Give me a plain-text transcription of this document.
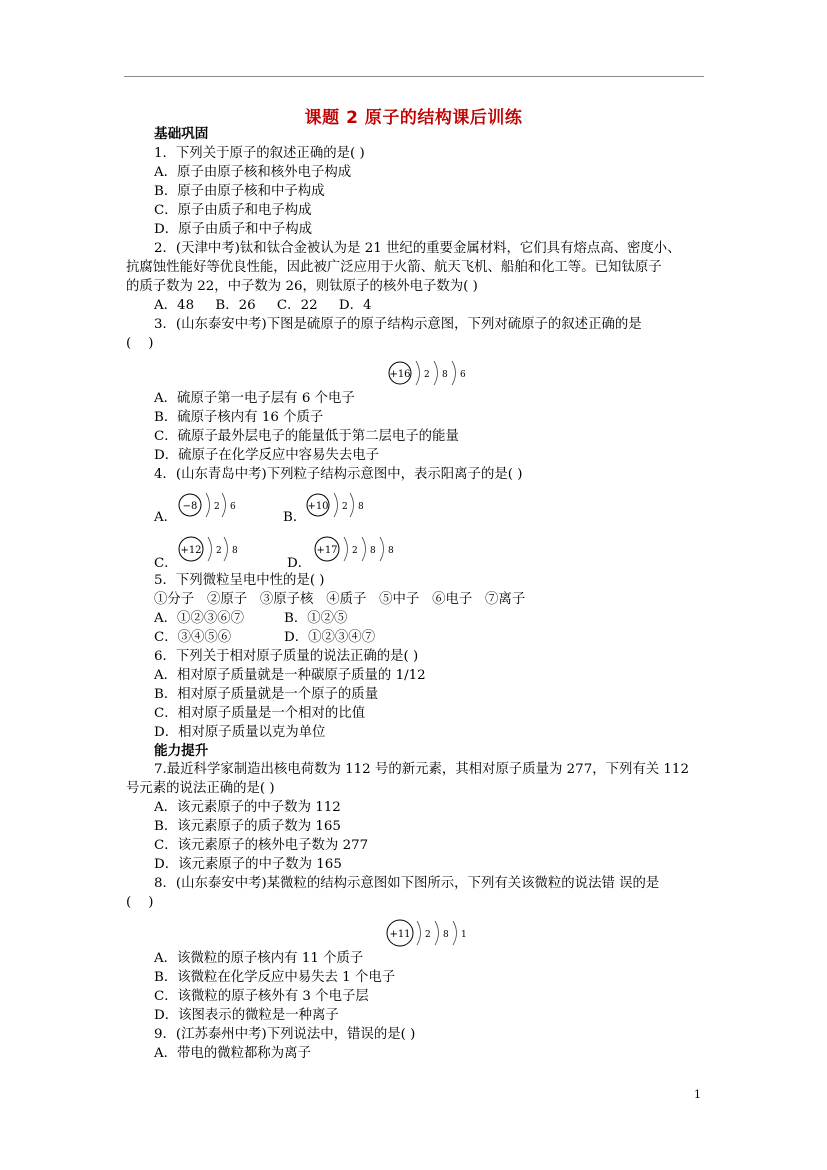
课题 2 原子的结构课后训练
基础巩固
1．下列关于原子的叙述正确的是( )
A．原子由原子核和核外电子构成
B．原子由原子核和中子构成
C．原子由质子和电子构成
D．原子由质子和中子构成
2．(天津中考)钛和钛合金被认为是 21 世纪的重要金属材料，它们具有熔点高、密度小、
抗腐蚀性能好等优良性能，因此被广泛应用于火箭、航天飞机、船舶和化工等。已知钛原子
的质子数为 22，中子数为 26，则钛原子的核外电子数为( )
A．48     B．26     C．22     D．4
3．(山东泰安中考)下图是硫原子的原子结构示意图，下列对硫原子的叙述正确的是
(    )
+16 2 8 6
A．硫原子第一电子层有 6 个电子
B．硫原子核内有 16 个质子
C．硫原子最外层电子的能量低于第二层电子的能量
D．硫原子在化学反应中容易失去电子
4．(山东青岛中考)下列粒子结构示意图中，表示阳离子的是( )
A．
−8 2 6
B．
+10 2 8
C．
+12 2 8
D．
+17 2 8 8
5．下列微粒呈电中性的是( )
①分子   ②原子   ③原子核   ④质子   ⑤中子   ⑥电子   ⑦离子
A．①②③⑥⑦	B．①②⑤
C．③④⑤⑥	D．①②③④⑦
6．下列关于相对原子质量的说法正确的是( )
A．相对原子质量就是一种碳原子质量的 1/12
B．相对原子质量就是一个原子的质量
C．相对原子质量是一个相对的比值
D．相对原子质量以克为单位
能力提升
7.最近科学家制造出核电荷数为 112 号的新元素，其相对原子质量为 277，下列有关 112
号元素的说法正确的是( )
A．该元素原子的中子数为 112
B．该元素原子的质子数为 165
C．该元素原子的核外电子数为 277
D．该元素原子的中子数为 165
8．(山东泰安中考)某微粒的结构示意图如下图所示，下列有关该微粒的说法错 误的是
(    )
+11 2 8 1
A．该微粒的原子核内有 11 个质子
B．该微粒在化学反应中易失去 1 个电子
C．该微粒的原子核外有 3 个电子层
D．该图表示的微粒是一种离子
9．(江苏泰州中考)下列说法中，错误的是( )
A．带电的微粒都称为离子
1
